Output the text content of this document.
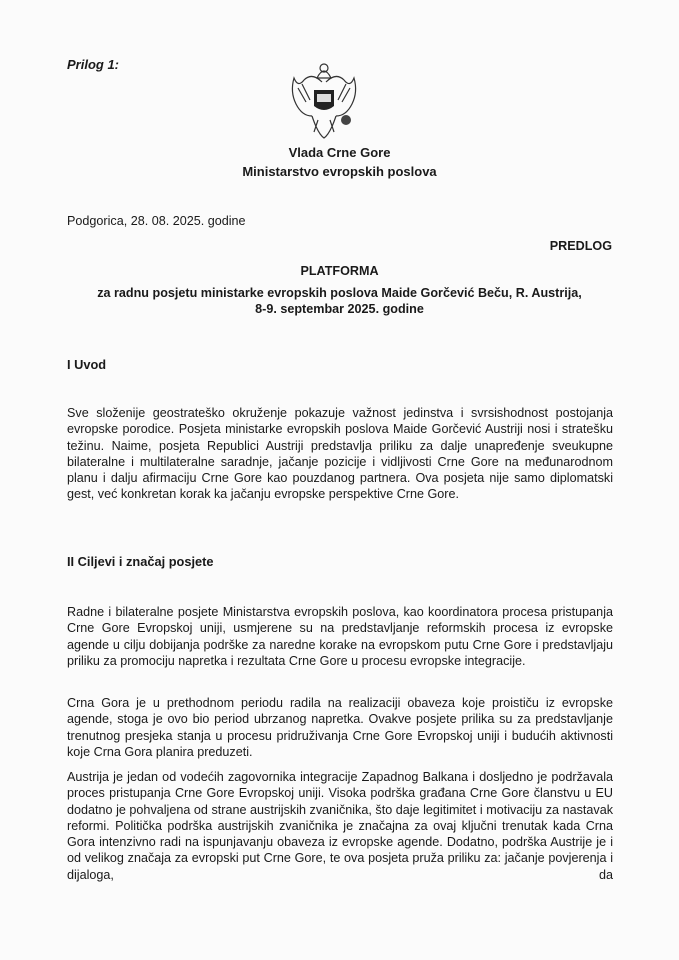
Prilog 1:
Vlada Crne Gore
Ministarstvo evropskih poslova
Podgorica, 28. 08. 2025. godine
PREDLOG
PLATFORMA
za radnu posjetu ministarke evropskih poslova Maide Gorčević Beču, R. Austrija,
8-9. septembar 2025. godine
I Uvod

Sve složenije geostrateško okruženje pokazuje važnost jedinstva i svrsishodnost postojanja evropske porodice. Posjeta ministarke evropskih poslova Maide Gorčević Austriji nosi i stratešku težinu. Naime, posjeta Republici Austriji predstavlja priliku za dalje unapređenje sveukupne bilateralne i multilateralne saradnje, jačanje pozicije i vidljivosti Crne Gore na međunarodnom planu i dalju afirmaciju Crne Gore kao pouzdanog partnera. Ova posjeta nije samo diplomatski gest, već konkretan korak ka jačanju evropske perspektive Crne Gore.

II Ciljevi i značaj posjete

Radne i bilateralne posjete Ministarstva evropskih poslova, kao koordinatora procesa pristupanja Crne Gore Evropskoj uniji, usmjerene su na predstavljanje reformskih procesa iz evropske agende u cilju dobijanja podrške za naredne korake na evropskom putu Crne Gore i predstavljaju priliku za promociju napretka i rezultata Crne Gore u procesu evropske integracije.

Crna Gora je u prethodnom periodu radila na realizaciji obaveza koje proističu iz evropske agende, stoga je ovo bio period ubrzanog napretka. Ovakve posjete prilika su za predstavljanje trenutnog presjeka stanja u procesu pridruživanja Crne Gore Evropskoj uniji i budućih aktivnosti koje Crna Gora planira preduzeti.

Austrija je jedan od vodećih zagovornika integracije Zapadnog Balkana i dosljedno je podržavala proces pristupanja Crne Gore Evropskoj uniji. Visoka podrška građana Crne Gore članstvu u EU dodatno je pohvaljena od strane austrijskih zvaničnika, što daje legitimitet i motivaciju za nastavak reformi. Politička podrška austrijskih zvaničnika je značajna za ovaj ključni trenutak kada Crna Gora intenzivno radi na ispunjavanju obaveza iz evropske agende. Dodatno, podrška Austrije je i od velikog značaja za evropski put Crne Gore, te ova posjeta pruža priliku za: jačanje povjerenja i dijaloga, da
